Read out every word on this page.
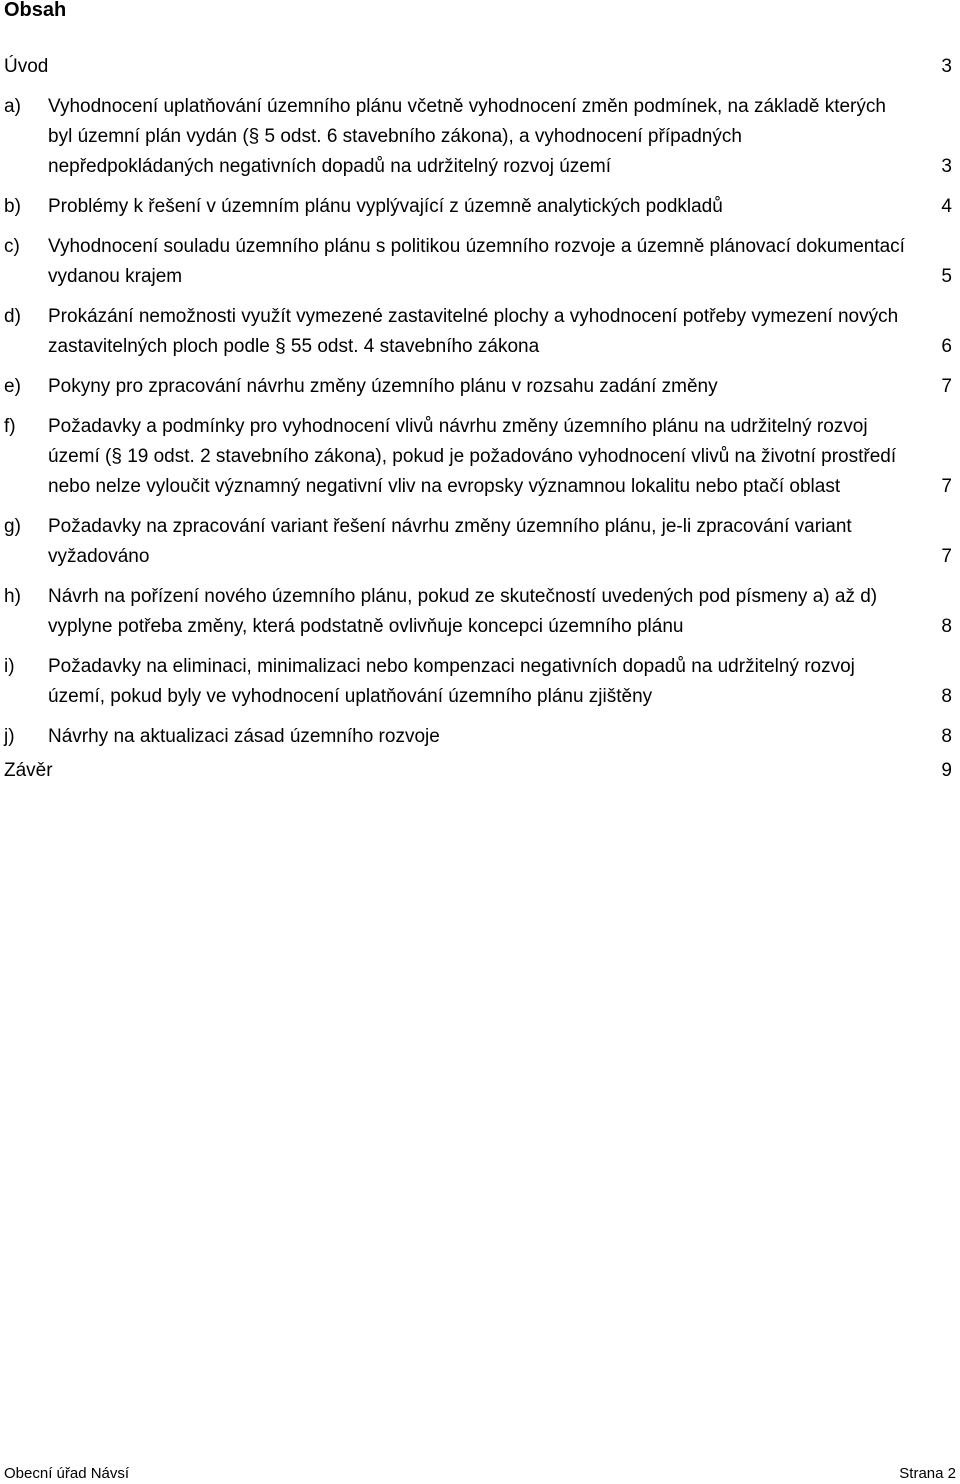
Obsah
Úvod	3
a)	Vyhodnocení uplatňování územního plánu včetně vyhodnocení změn podmínek, na základě kterých byl územní plán vydán (§ 5 odst. 6 stavebního zákona), a vyhodnocení případných nepředpokládaných negativních dopadů na udržitelný rozvoj území	3
b)	Problémy k řešení v územním plánu vyplývající z územně analytických podkladů	4
c)	Vyhodnocení souladu územního plánu s politikou územního rozvoje a územně plánovací dokumentací vydanou krajem	5
d)	Prokázání nemožnosti využít vymezené zastavitelné plochy a vyhodnocení potřeby vymezení nových zastavitelných ploch podle § 55 odst. 4 stavebního zákona	6
e)	Pokyny pro zpracování návrhu změny územního plánu v rozsahu zadání změny	7
f)	Požadavky a podmínky pro vyhodnocení vlivů návrhu změny územního plánu na udržitelný rozvoj území (§ 19 odst. 2 stavebního zákona), pokud je požadováno vyhodnocení vlivů na životní prostředí nebo nelze vyloučit významný negativní vliv na evropsky významnou lokalitu nebo ptačí oblast	7
g)	Požadavky na zpracování variant řešení návrhu změny územního plánu, je-li zpracování variant vyžadováno	7
h)	Návrh na pořízení nového územního plánu, pokud ze skutečností uvedených pod písmeny a) až d) vyplyne potřeba změny, která podstatně ovlivňuje koncepci územního plánu	8
i)	Požadavky na eliminaci, minimalizaci nebo kompenzaci negativních dopadů na udržitelný rozvoj území, pokud byly ve vyhodnocení uplatňování územního plánu zjištěny	8
j)	Návrhy na aktualizaci zásad územního rozvoje	8
Závěr	9
Obecní úřad Návsí	Strana 2
